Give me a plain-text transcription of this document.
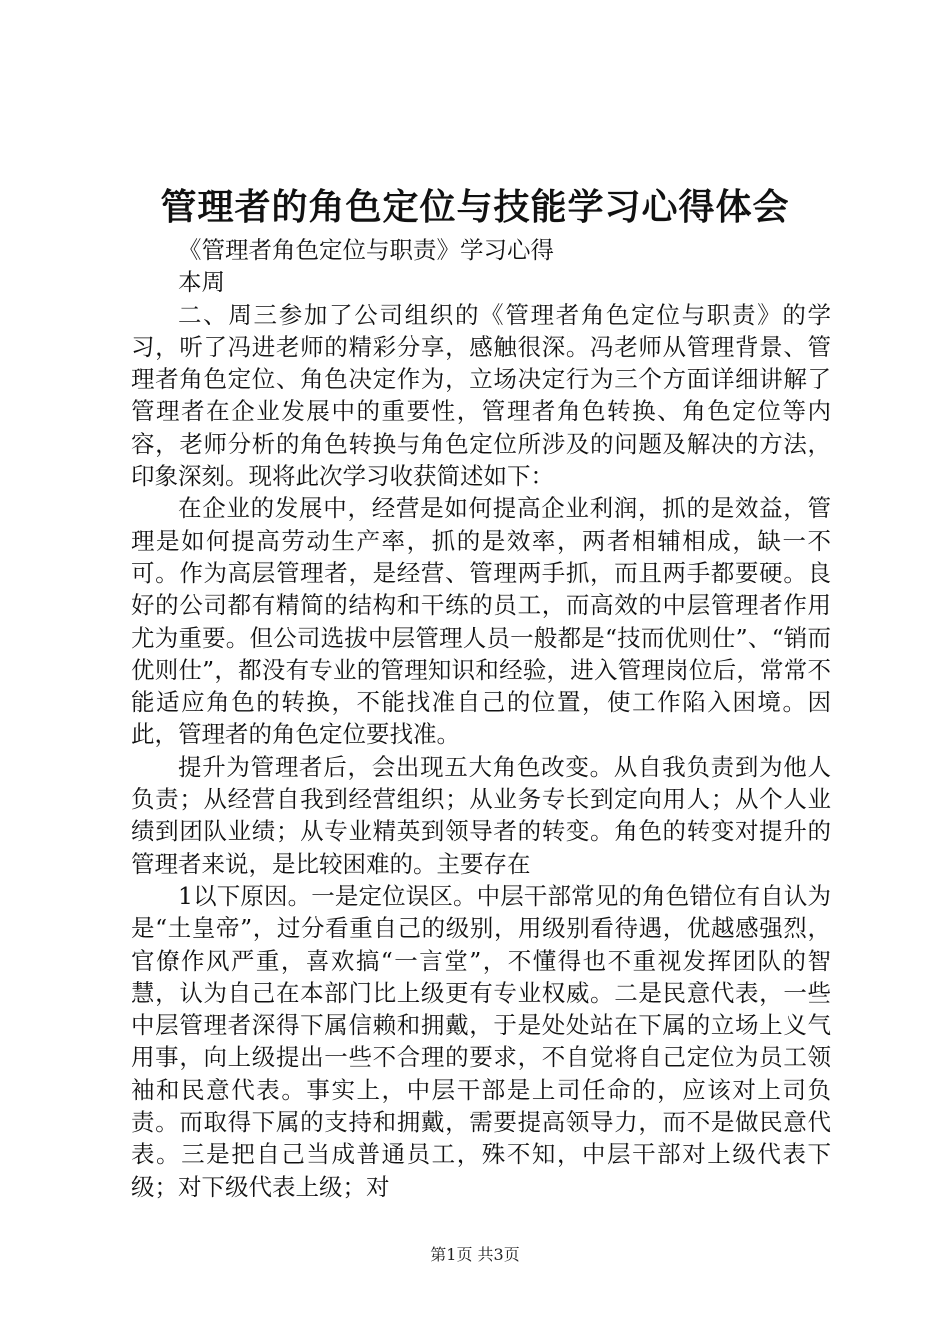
管理者的角色定位与技能学习心得体会

《管理者角色定位与职责》学习心得

本周

二、周三参加了公司组织的《管理者角色定位与职责》的学习，听了冯进老师的精彩分享，感触很深。冯老师从管理背景、管理者角色定位、角色决定作为，立场决定行为三个方面详细讲解了管理者在企业发展中的重要性，管理者角色转换、角色定位等内容，老师分析的角色转换与角色定位所涉及的问题及解决的方法，印象深刻。现将此次学习收获简述如下：

在企业的发展中，经营是如何提高企业利润，抓的是效益，管理是如何提高劳动生产率，抓的是效率，两者相辅相成，缺一不可。作为高层管理者，是经营、管理两手抓，而且两手都要硬。良好的公司都有精简的结构和干练的员工，而高效的中层管理者作用尤为重要。但公司选拔中层管理人员一般都是“技而优则仕”、“销而优则仕”，都没有专业的管理知识和经验，进入管理岗位后，常常不能适应角色的转换，不能找准自己的位置，使工作陷入困境。因此，管理者的角色定位要找准。

提升为管理者后，会出现五大角色改变。从自我负责到为他人负责；从经营自我到经营组织；从业务专长到定向用人；从个人业绩到团队业绩；从专业精英到领导者的转变。角色的转变对提升的管理者来说，是比较困难的。主要存在

1以下原因。一是定位误区。中层干部常见的角色错位有自认为是“土皇帝”，过分看重自己的级别，用级别看待遇，优越感强烈，官僚作风严重，喜欢搞“一言堂”，不懂得也不重视发挥团队的智慧，认为自己在本部门比上级更有专业权威。二是民意代表，一些中层管理者深得下属信赖和拥戴，于是处处站在下属的立场上义气用事，向上级提出一些不合理的要求，不自觉将自己定位为员工领袖和民意代表。事实上，中层干部是上司任命的，应该对上司负责。而取得下属的支持和拥戴，需要提高领导力，而不是做民意代表。三是把自己当成普通员工，殊不知，中层干部对上级代表下级；对下级代表上级；对

第1页 共3页
